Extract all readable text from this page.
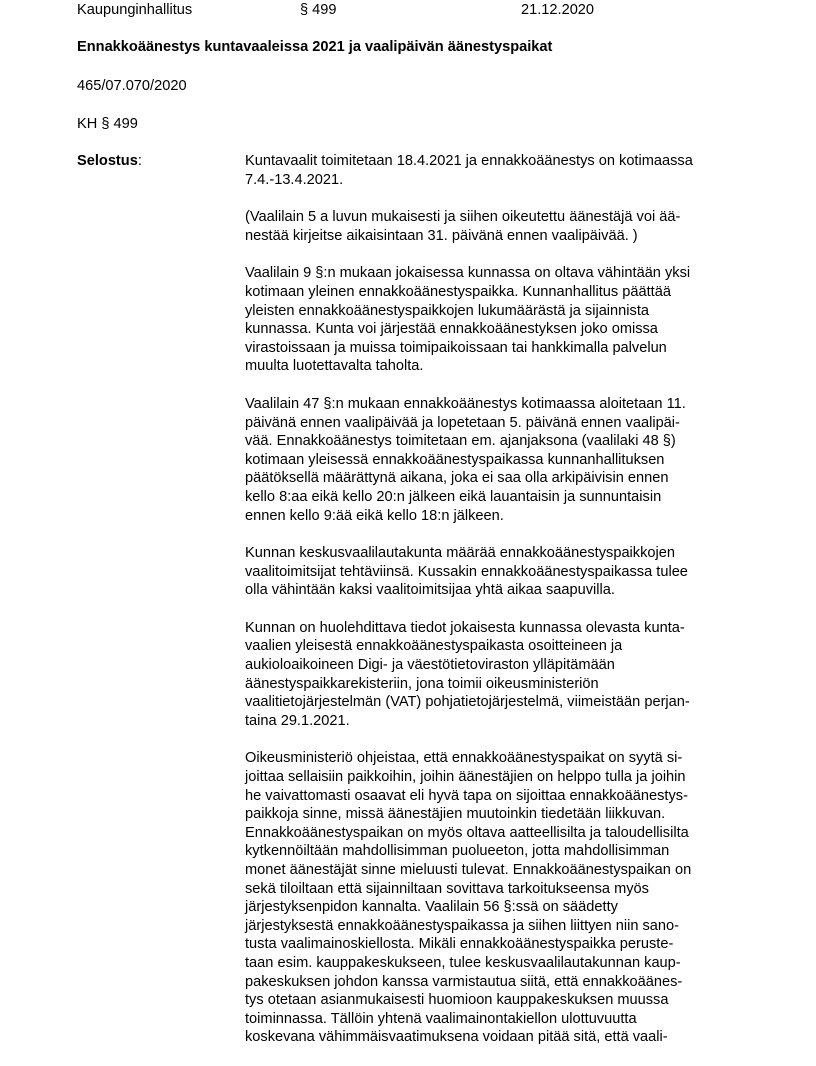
Kaupunginhallitus	§ 499	21.12.2020
Ennakkoäänestys kuntavaaleissa 2021 ja vaalipäivän äänestyspaikat
465/07.070/2020
KH § 499
Selostus:	Kuntavaalit toimitetaan 18.4.2021 ja ennakkoäänestys on kotimaassa
7.4.-13.4.2021.

(Vaalilain 5 a luvun mukaisesti ja siihen oikeutettu äänestäjä voi ää-
nestää kirjeitse aikaisintaan 31. päivänä ennen vaalipäivää. )

Vaalilain 9 §:n mukaan jokaisessa kunnassa on oltava vähintään yksi
kotimaan yleinen ennakkoäänestyspaikka. Kunnanhallitus päättää
yleisten ennakkoäänestyspaikkojen lukumäärästä ja sijainnista
kunnassa. Kunta voi järjestää ennakkoäänestyksen joko omissa
virastoissaan ja muissa toimipaikoissaan tai hankkimalla palvelun
muulta luotettavalta taholta.

Vaalilain 47 §:n mukaan ennakkoäänestys kotimaassa aloitetaan 11.
päivänä ennen vaalipäivää ja lopetetaan 5. päivänä ennen vaalipäi-
vää. Ennakkoäänestys toimitetaan em. ajanjaksona (vaalilaki 48 §)
kotimaan yleisessä ennakkoäänestyspaikassa kunnanhallituksen
päätöksellä määrättynä aikana, joka ei saa olla arkipäivisin ennen
kello 8:aa eikä kello 20:n jälkeen eikä lauantaisin ja sunnuntaisin
ennen kello 9:ää eikä kello 18:n jälkeen.

Kunnan keskusvaalilautakunta määrää ennakkoäänestyspaikkojen
vaalitoimitsijat tehtäviinsä. Kussakin ennakkoäänestyspaikassa tulee
olla vähintään kaksi vaalitoimitsijaa yhtä aikaa saapuvilla.

Kunnan on huolehdittava tiedot jokaisesta kunnassa olevasta kunta-
vaalien yleisestä ennakkoäänestyspaikasta osoitteineen ja
aukioloaikoineen Digi- ja väestötietoviraston ylläpitämään
äänestyspaikkarekisteriin, jona toimii oikeusministeriön
vaalitietojärjestelmän (VAT) pohjatietojärjestelmä, viimeistään perjan-
taina 29.1.2021.

Oikeusministeriö ohjeistaa, että ennakkoäänestyspaikat on syytä si-
joittaa sellaisiin paikkoihin, joihin äänestäjien on helppo tulla ja joihin
he vaivattomasti osaavat eli hyvä tapa on sijoittaa ennakkoäänestys-
paikkoja sinne, missä äänestäjien muutoinkin tiedetään liikkuvan.
Ennakkoäänestyspaikan on myös oltava aatteellisilta ja taloudellisilta
kytkennöiltään mahdollisimman puolueeton, jotta mahdollisimman
monet äänestäjät sinne mieluusti tulevat. Ennakkoäänestyspaikan on
sekä tiloiltaan että sijainniltaan sovittava tarkoitukseensa myös
järjestyksenpidon kannalta. Vaalilain 56 §:ssä on säädetty
järjestyksestä ennakkoäänestyspaikassa ja siihen liittyen niin sano-
tusta vaalimainoskiellosta. Mikäli ennakkoäänestyspaikka peruste-
taan esim. kauppakeskukseen, tulee keskusvaalilautakunnan kaup-
pakeskuksen johdon kanssa varmistautua siitä, että ennakkoäänes-
tys otetaan asianmukaisesti huomioon kauppakeskuksen muussa
toiminnassa. Tällöin yhtenä vaalimainontakiellon ulottuvuutta
koskevana vähimmäisvaatimuksena voidaan pitää sitä, että vaali-
